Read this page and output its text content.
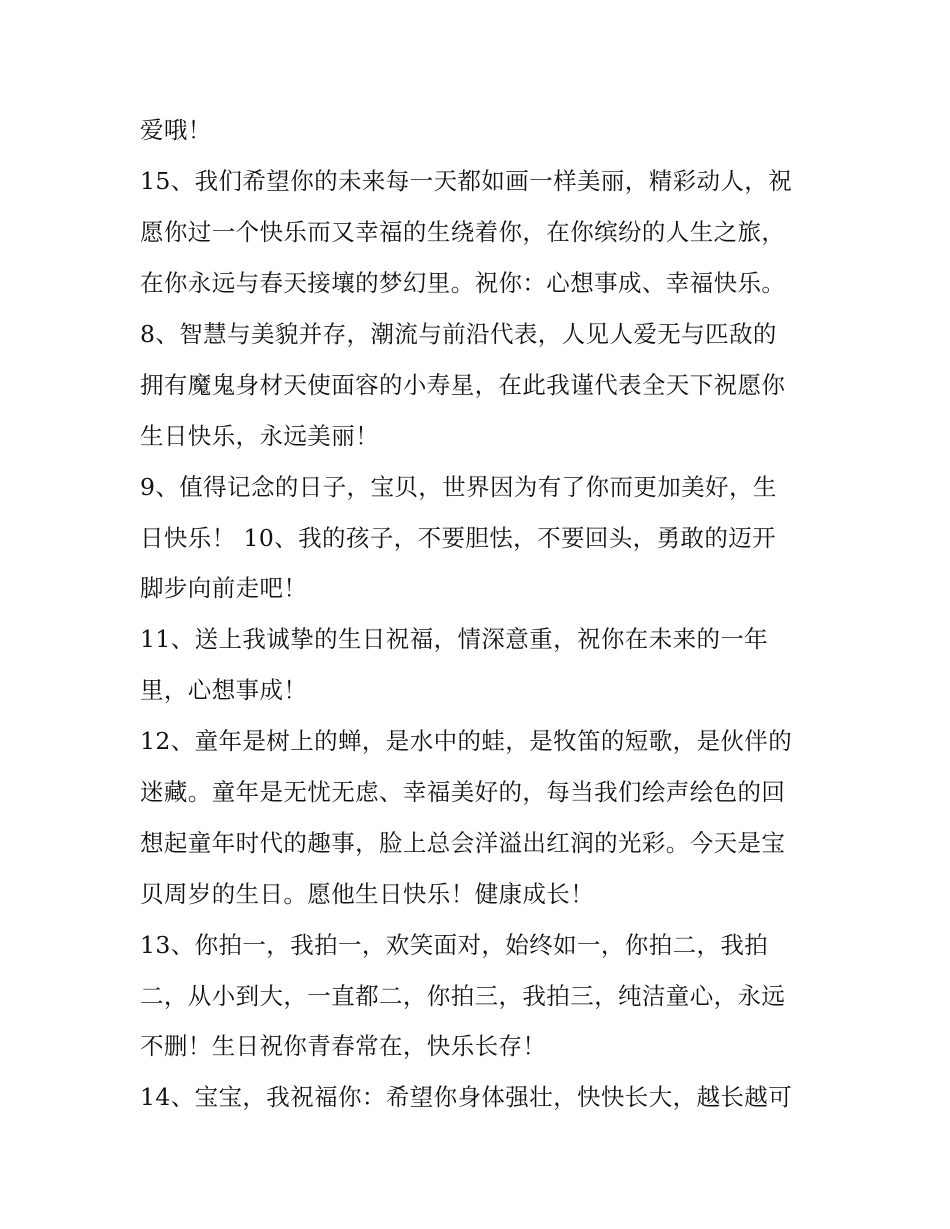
爱哦！
15、我们希望你的未来每一天都如画一样美丽，精彩动人，祝
愿你过一个快乐而又幸福的生绕着你，在你缤纷的人生之旅，
在你永远与春天接壤的梦幻里。祝你：心想事成、幸福快乐。
8、智慧与美貌并存，潮流与前沿代表，人见人爱无与匹敌的
拥有魔鬼身材天使面容的小寿星，在此我谨代表全天下祝愿你
生日快乐，永远美丽！
9、值得记念的日子，宝贝，世界因为有了你而更加美好，生
日快乐！ 10、我的孩子，不要胆怯，不要回头，勇敢的迈开
脚步向前走吧！
11、送上我诚挚的生日祝福，情深意重，祝你在未来的一年
里，心想事成！
12、童年是树上的蝉，是水中的蛙，是牧笛的短歌，是伙伴的
迷藏。童年是无忧无虑、幸福美好的，每当我们绘声绘色的回
想起童年时代的趣事，脸上总会洋溢出红润的光彩。今天是宝
贝周岁的生日。愿他生日快乐！健康成长！
13、你拍一，我拍一，欢笑面对，始终如一，你拍二，我拍
二，从小到大，一直都二，你拍三，我拍三，纯洁童心，永远
不删！生日祝你青春常在，快乐长存！
14、宝宝，我祝福你：希望你身体强壮，快快长大，越长越可
